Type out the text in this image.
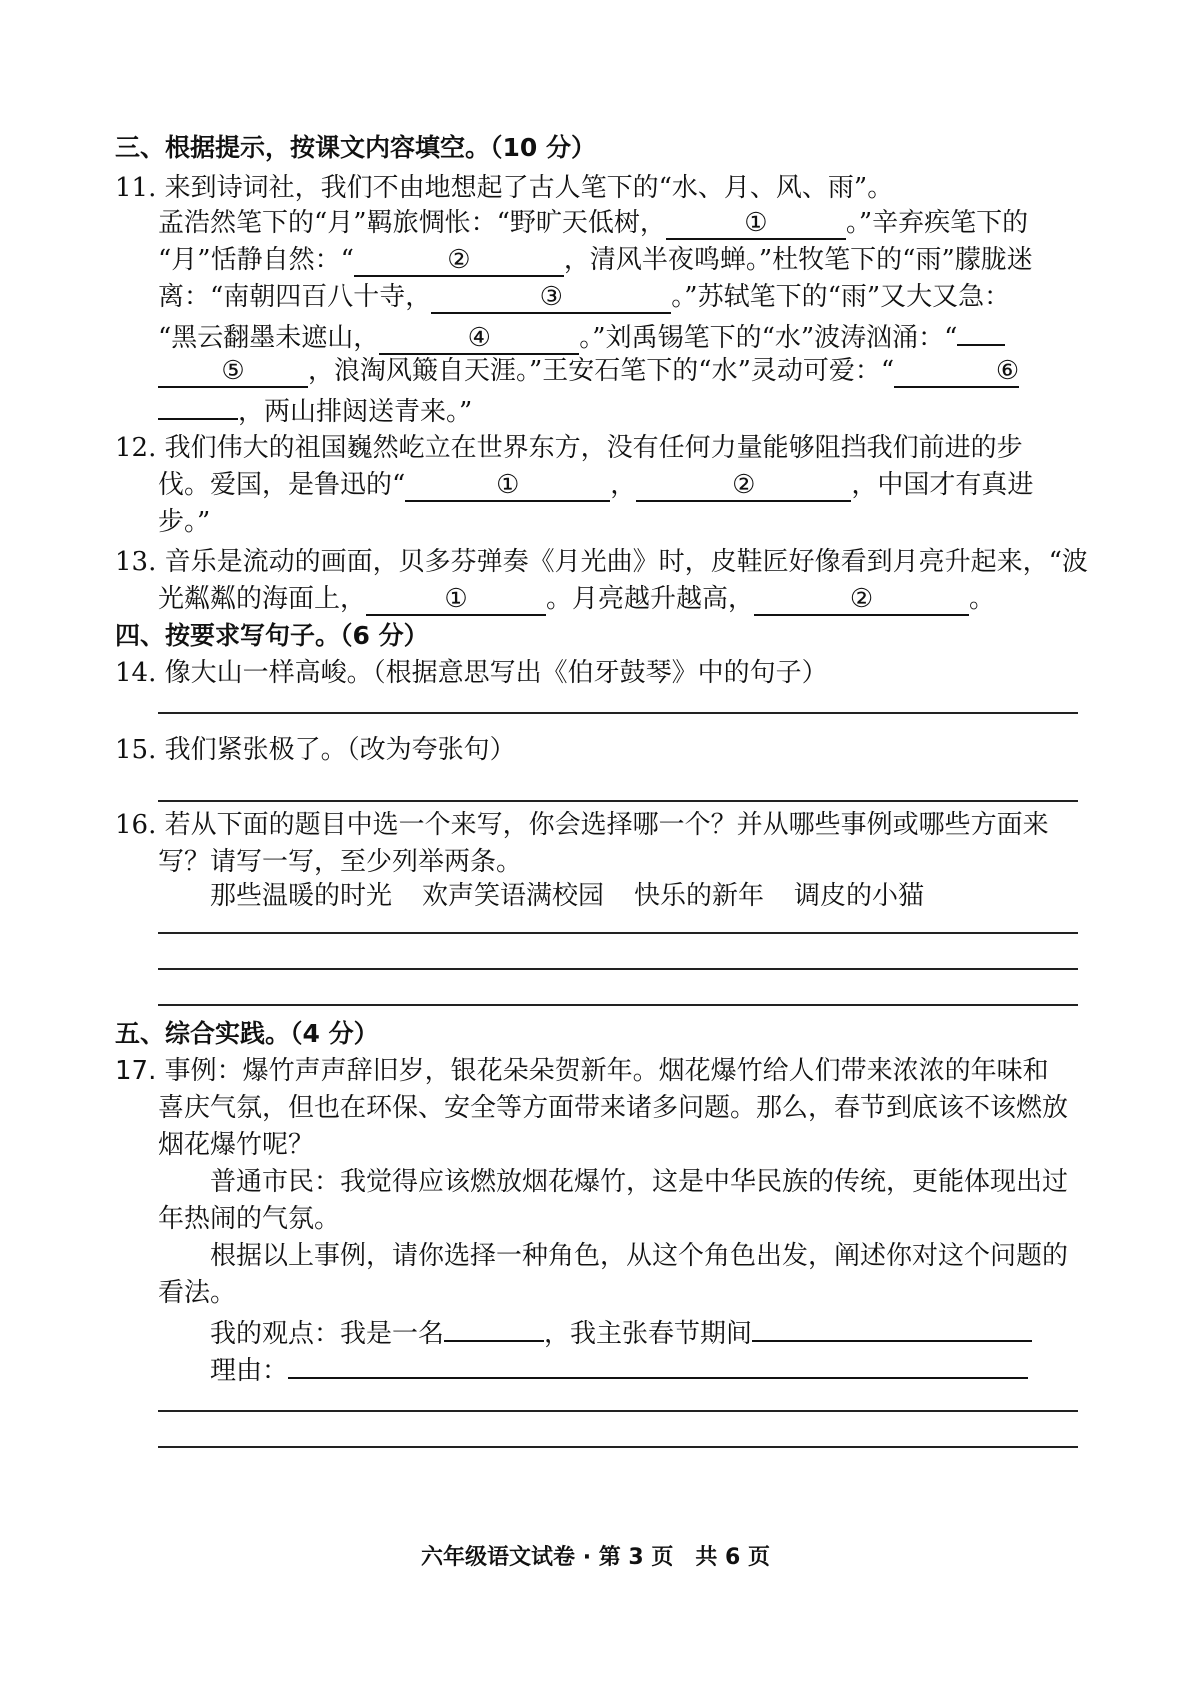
三、根据提示，按课文内容填空。（10 分）
11. 来到诗词社，我们不由地想起了古人笔下的“水、月、风、雨”。
孟浩然笔下的“月”羁旅惆怅：“野旷天低树，	①	。”辛弃疾笔下的
“月”恬静自然：“	②	，清风半夜鸣蝉。”杜牧笔下的“雨”朦胧迷
离：“南朝四百八十寺，	③	。”苏轼笔下的“雨”又大又急：
“黑云翻墨未遮山，	④	。”刘禹锡笔下的“水”波涛汹涌：“
⑤ ，浪淘风簸自天涯。”王安石笔下的“水”灵动可爱：“	⑥
，两山排闼送青来。”
12. 我们伟大的祖国巍然屹立在世界东方，没有任何力量能够阻挡我们前进的步
伐。爱国，是鲁迅的“	①	，	②	，中国才有真进
步。”
13. 音乐是流动的画面，贝多芬弹奏《月光曲》时，皮鞋匠好像看到月亮升起来，“波
光粼粼的海面上，	①	。月亮越升越高，	②	。
四、按要求写句子。（6 分）
14. 像大山一样高峻。（根据意思写出《伯牙鼓琴》中的句子）
15. 我们紧张极了。（改为夸张句）
16. 若从下面的题目中选一个来写，你会选择哪一个？并从哪些事例或哪些方面来
写？请写一写，至少列举两条。
那些温暖的时光 欢声笑语满校园 快乐的新年 调皮的小猫
五、综合实践。（4 分）
17. 事例：爆竹声声辞旧岁，银花朵朵贺新年。烟花爆竹给人们带来浓浓的年味和
喜庆气氛，但也在环保、安全等方面带来诸多问题。那么，春节到底该不该燃放
烟花爆竹呢？
普通市民：我觉得应该燃放烟花爆竹，这是中华民族的传统，更能体现出过
年热闹的气氛。
根据以上事例，请你选择一种角色，从这个角色出发，阐述你对这个问题的
看法。
我的观点：我是一名	，我主张春节期间
理由：
六年级语文试卷 · 第 3 页　共 6 页
